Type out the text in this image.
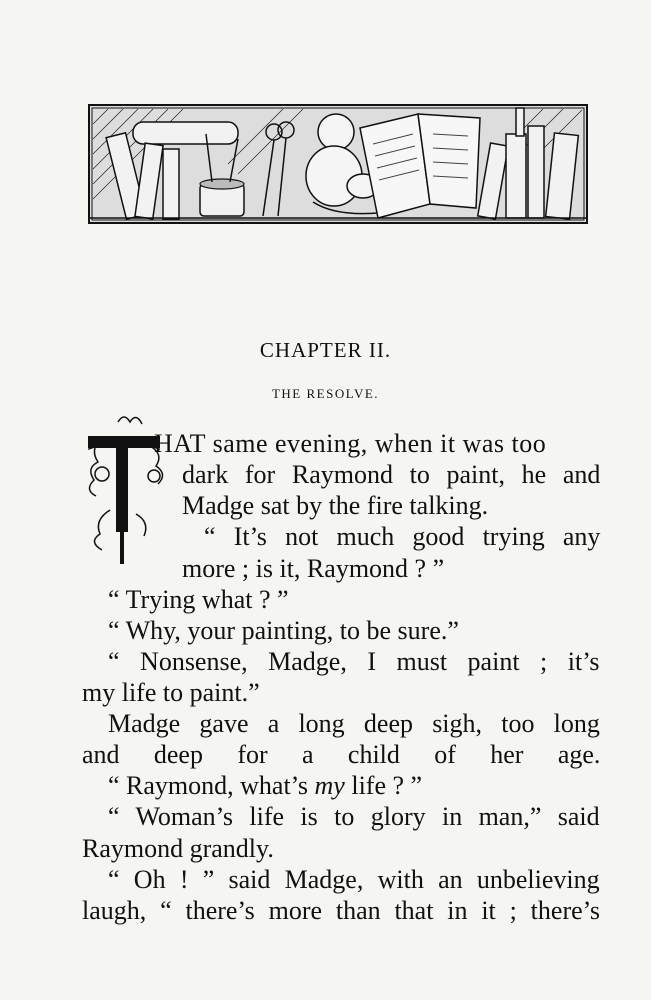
CHAPTER II.
THE RESOLVE.
HAT same evening, when it was too
dark for Raymond to paint, he and
Madge sat by the fire talking.
“ It’s not much good trying any
more ; is it, Raymond ? ”
“ Trying what ? ”
“ Why, your painting, to be sure.”
“ Nonsense, Madge, I must paint ; it’s
my life to paint.”
Madge gave a long deep sigh, too long
and deep for a child of her age.
“ Raymond, what’s my life ? ”
“ Woman’s life is to glory in man,” said
Raymond grandly.
“ Oh ! ” said Madge, with an unbelieving
laugh, “ there’s more than that in it ; there’s
